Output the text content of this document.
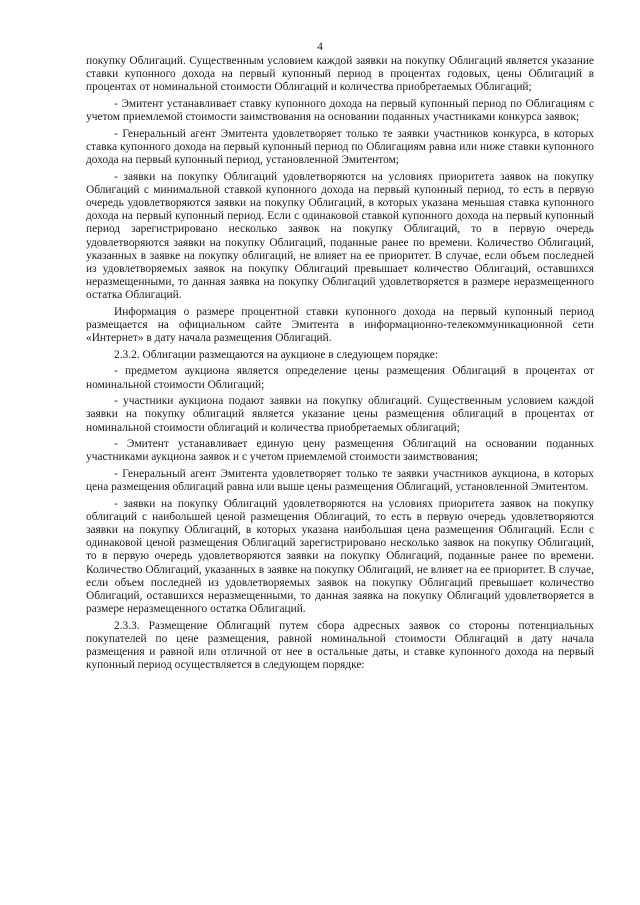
4

покупку Облигаций. Существенным условием каждой заявки на покупку Облигаций является указание ставки купонного дохода на первый купонный период в процентах годовых, цены Облигаций в процентах от номинальной стоимости Облигаций и количества приобретаемых Облигаций;

- Эмитент устанавливает ставку купонного дохода на первый купонный период по Облигациям с учетом приемлемой стоимости заимствования на основании поданных участниками конкурса заявок;

- Генеральный агент Эмитента удовлетворяет только те заявки участников конкурса, в которых ставка купонного дохода на первый купонный период по Облигациям равна или ниже ставки купонного дохода на первый купонный период, установленной Эмитентом;

- заявки на покупку Облигаций удовлетворяются на условиях приоритета заявок на покупку Облигаций с минимальной ставкой купонного дохода на первый купонный период, то есть в первую очередь удовлетворяются заявки на покупку Облигаций, в которых указана меньшая ставка купонного дохода на первый купонный период. Если с одинаковой ставкой купонного дохода на первый купонный период зарегистрировано несколько заявок на покупку Облигаций, то в первую очередь удовлетворяются заявки на покупку Облигаций, поданные ранее по времени. Количество Облигаций, указанных в заявке на покупку облигаций, не влияет на ее приоритет. В случае, если объем последней из удовлетворяемых заявок на покупку Облигаций превышает количество Облигаций, оставшихся неразмещенными, то данная заявка на покупку Облигаций удовлетворяется в размере неразмещенного остатка Облигаций.

Информация о размере процентной ставки купонного дохода на первый купонный период размещается на официальном сайте Эмитента в информационно-телекоммуникационной сети «Интернет» в дату начала размещения Облигаций.

2.3.2. Облигации размещаются на аукционе в следующем порядке:

- предметом аукциона является определение цены размещения Облигаций в процентах от номинальной стоимости Облигаций;

- участники аукциона подают заявки на покупку облигаций. Существенным условием каждой заявки на покупку облигаций является указание цены размещения облигаций в процентах от номинальной стоимости облигаций и количества приобретаемых облигаций;

- Эмитент устанавливает единую цену размещения Облигаций на основании поданных участниками аукциона заявок и с учетом приемлемой стоимости заимствования;

- Генеральный агент Эмитента удовлетворяет только те заявки участников аукциона, в которых цена размещения облигаций равна или выше цены размещения Облигаций, установленной Эмитентом.

- заявки на покупку Облигаций удовлетворяются на условиях приоритета заявок на покупку облигаций с наибольшей ценой размещения Облигаций, то есть в первую очередь удовлетворяются заявки на покупку Облигаций, в которых указана наибольшая цена размещения Облигаций. Если с одинаковой ценой размещения Облигаций зарегистрировано несколько заявок на покупку Облигаций, то в первую очередь удовлетворяются заявки на покупку Облигаций, поданные ранее по времени. Количество Облигаций, указанных в заявке на покупку Облигаций, не влияет на ее приоритет. В случае, если объем последней из удовлетворяемых заявок на покупку Облигаций превышает количество Облигаций, оставшихся неразмещенными, то данная заявка на покупку Облигаций удовлетворяется в размере неразмещенного остатка Облигаций.

2.3.3. Размещение Облигаций путем сбора адресных заявок со стороны потенциальных покупателей по цене размещения, равной номинальной стоимости Облигаций в дату начала размещения и равной или отличной от нее в остальные даты, и ставке купонного дохода на первый купонный период осуществляется в следующем порядке:
